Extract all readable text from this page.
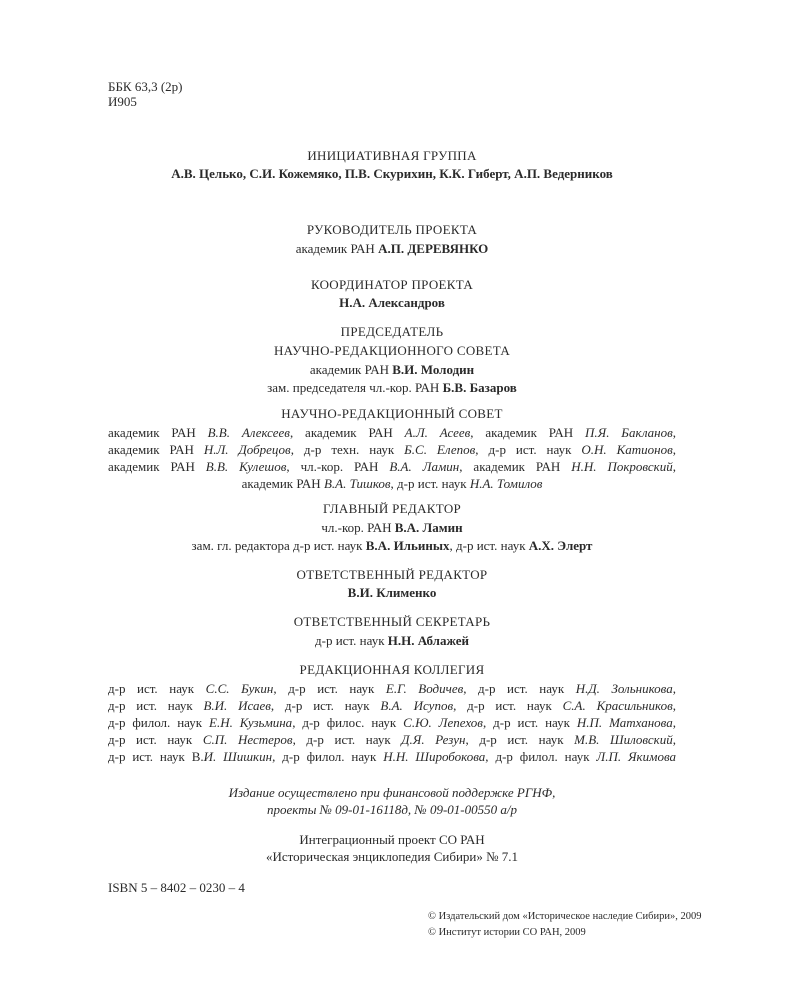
ББК 63,3 (2р)
И905
ИНИЦИАТИВНАЯ ГРУППА
А.В. Целько, С.И. Кожемяко, П.В. Скурихин, К.К. Гиберт, А.П. Ведерников
РУКОВОДИТЕЛЬ ПРОЕКТА
академик РАН А.П. ДЕРЕВЯНКО
КООРДИНАТОР ПРОЕКТА
Н.А. Александров
ПРЕДСЕДАТЕЛЬ
НАУЧНО-РЕДАКЦИОННОГО СОВЕТА
академик РАН В.И. Молодин
зам. председателя чл.-кор. РАН Б.В. Базаров
НАУЧНО-РЕДАКЦИОННЫЙ СОВЕТ
академик РАН В.В. Алексеев, академик РАН А.Л. Асеев, академик РАН П.Я. Бакланов,
академик РАН Н.Л. Добрецов, д-р техн. наук Б.С. Елепов, д-р ист. наук О.Н. Катионов,
академик РАН В.В. Кулешов, чл.-кор. РАН В.А. Ламин, академик РАН Н.Н. Покровский,
академик РАН В.А. Тишков, д-р ист. наук Н.А. Томилов
ГЛАВНЫЙ РЕДАКТОР
чл.-кор. РАН В.А. Ламин
зам. гл. редактора д-р ист. наук В.А. Ильиных, д-р ист. наук А.Х. Элерт
ОТВЕТСТВЕННЫЙ РЕДАКТОР
В.И. Клименко
ОТВЕТСТВЕННЫЙ СЕКРЕТАРЬ
д-р ист. наук Н.Н. Аблажей
РЕДАКЦИОННАЯ КОЛЛЕГИЯ
д-р ист. наук С.С. Букин, д-р ист. наук Е.Г. Водичев, д-р ист. наук Н.Д. Зольникова,
д-р ист. наук В.И. Исаев, д-р ист. наук В.А. Исупов, д-р ист. наук С.А. Красильников,
д-р филол. наук Е.Н. Кузьмина, д-р филос. наук С.Ю. Лепехов, д-р ист. наук Н.П. Матханова,
д-р ист. наук С.П. Нестеров, д-р ист. наук Д.Я. Резун, д-р ист. наук М.В. Шиловский,
д-р ист. наук В.И. Шишкин, д-р филол. наук Н.Н. Широбокова, д-р филол. наук Л.П. Якимова
Издание осуществлено при финансовой поддержке РГНФ,
проекты № 09-01-16118д, № 09-01-00550 а/р
Интеграционный проект СО РАН
«Историческая энциклопедия Сибири» № 7.1
ISBN 5 – 8402 – 0230 – 4
© Издательский дом «Историческое наследие Сибири», 2009
© Институт истории СО РАН, 2009
